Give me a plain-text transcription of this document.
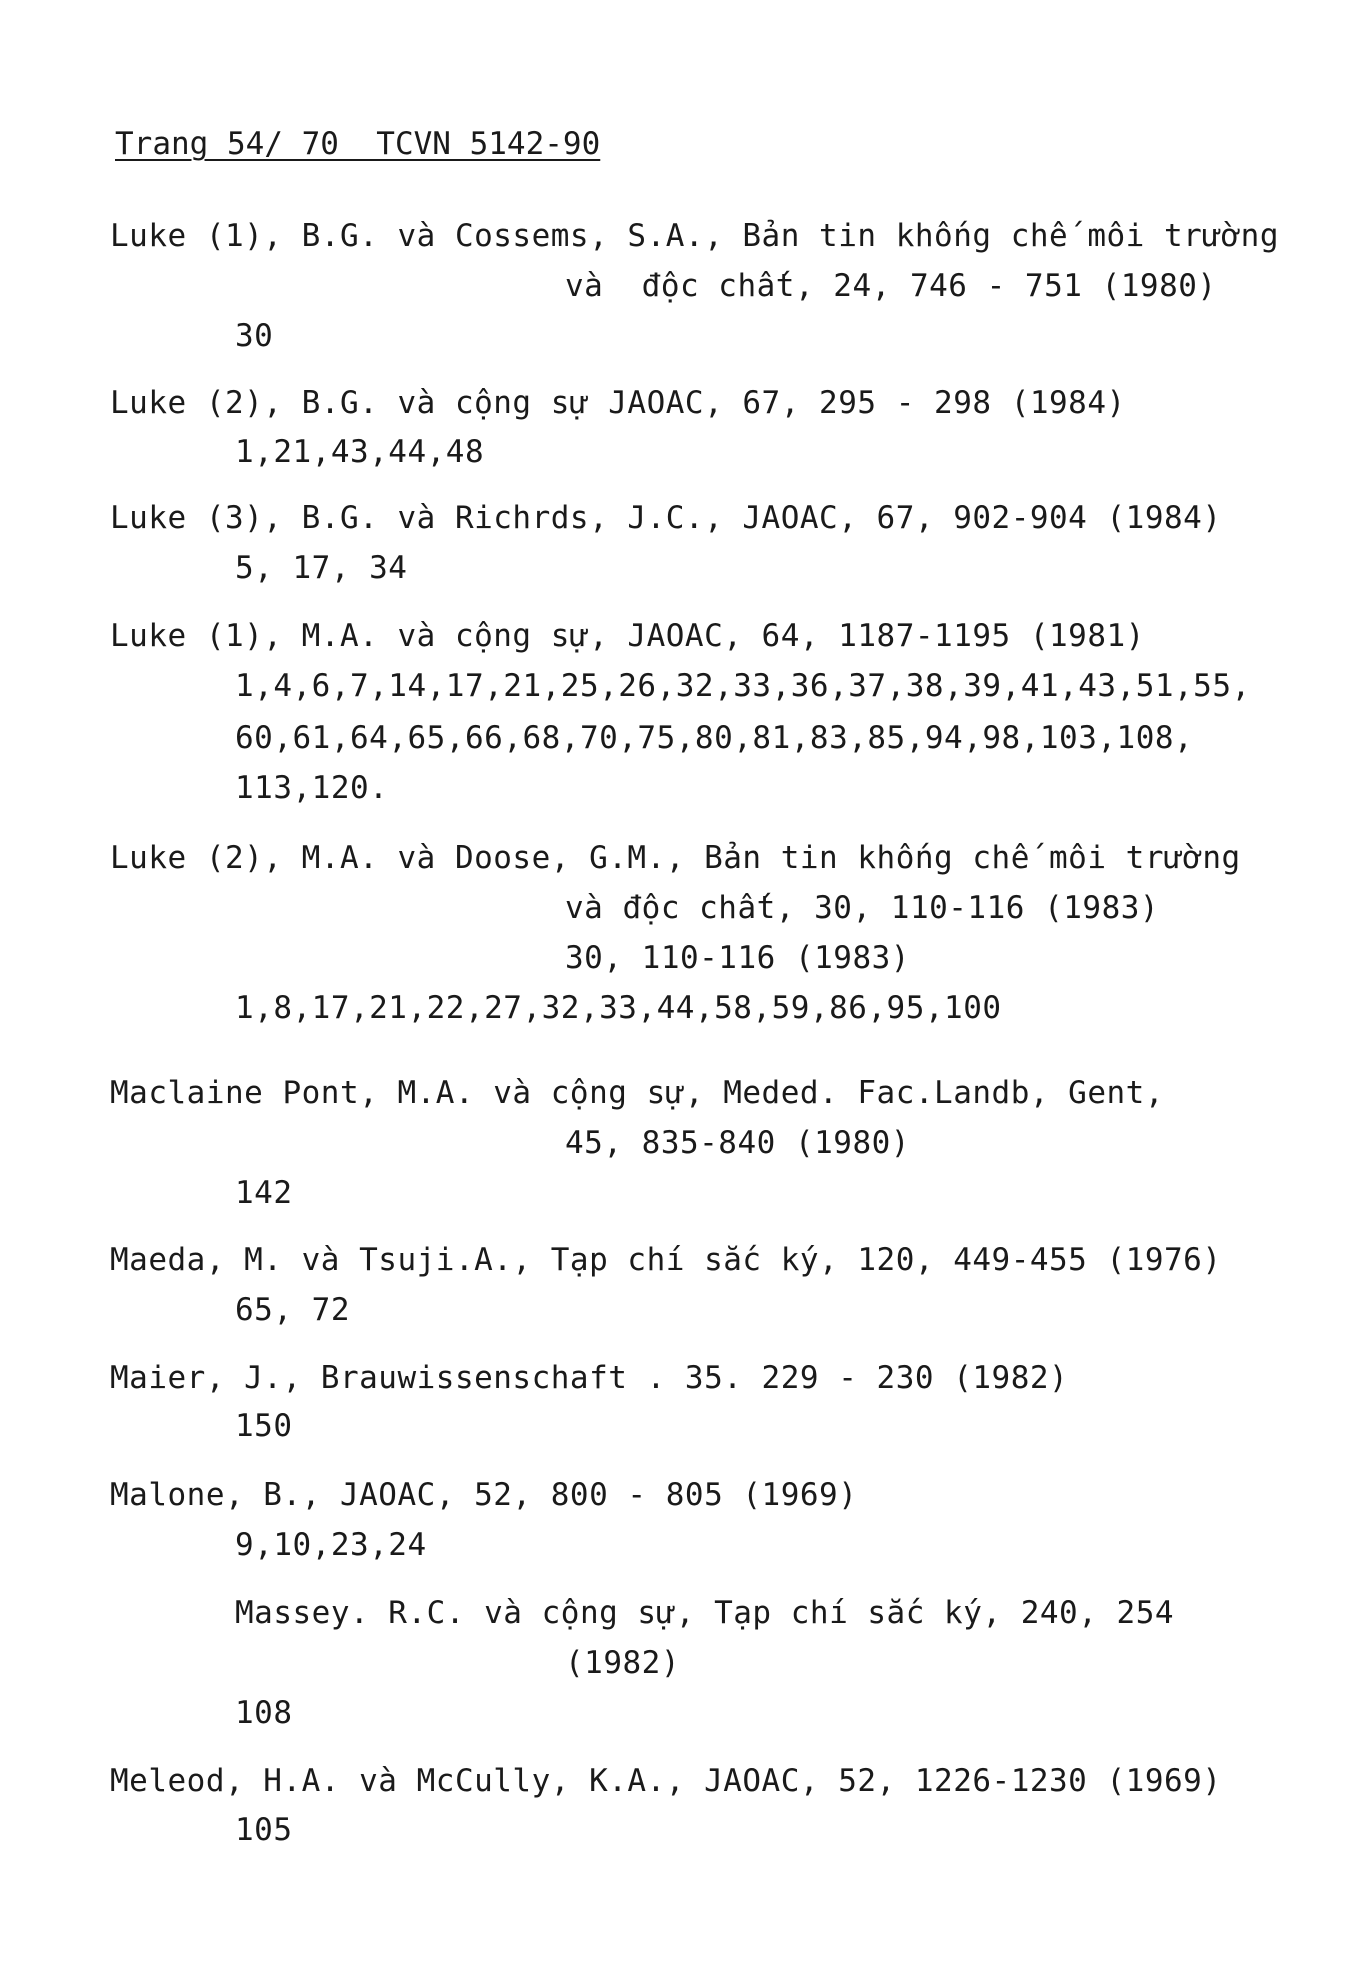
Trang 54/ 70  TCVN 5142-90
Luke (1), B.G. và Cossems, S.A., Bản tin khống chế môi trường
và  độc chất, 24, 746 - 751 (1980)
30
Luke (2), B.G. và cộng sự JAOAC, 67, 295 - 298 (1984)
1,21,43,44,48
Luke (3), B.G. và Richrds, J.C., JAOAC, 67, 902-904 (1984)
5, 17, 34
Luke (1), M.A. và cộng sự, JAOAC, 64, 1187-1195 (1981)
1,4,6,7,14,17,21,25,26,32,33,36,37,38,39,41,43,51,55,
60,61,64,65,66,68,70,75,80,81,83,85,94,98,103,108,
113,120.
Luke (2), M.A. và Doose, G.M., Bản tin khống chế môi trường
và độc chất, 30, 110-116 (1983)
30, 110-116 (1983)
1,8,17,21,22,27,32,33,44,58,59,86,95,100
Maclaine Pont, M.A. và cộng sự, Meded. Fac.Landb, Gent,
45, 835-840 (1980)
142
Maeda, M. và Tsuji.A., Tạp chí sắc ký, 120, 449-455 (1976)
65, 72
Maier, J., Brauwissenschaft . 35. 229 - 230 (1982)
150
Malone, B., JAOAC, 52, 800 - 805 (1969)
9,10,23,24
Massey. R.C. và cộng sự, Tạp chí sắc ký, 240, 254
(1982)
108
Meleod, H.A. và McCully, K.A., JAOAC, 52, 1226-1230 (1969)
105
